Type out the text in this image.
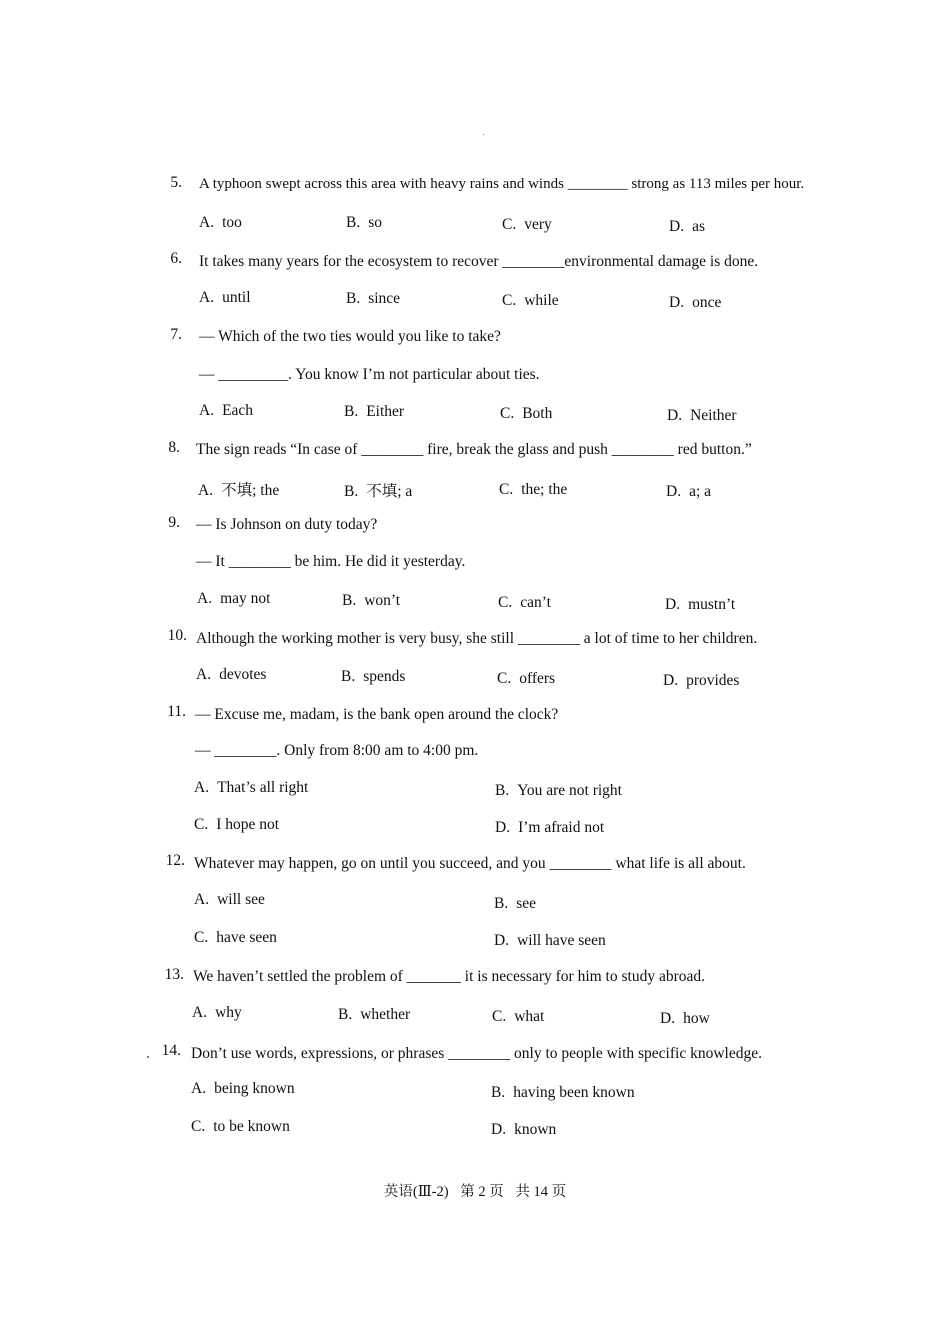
5. A typhoon swept across this area with heavy rains and winds ________ strong as 113 miles per hour.
A. too	B. so	C. very	D. as
6. It takes many years for the ecosystem to recover ________environmental damage is done.
A. until	B. since	C. while	D. once
7. — Which of the two ties would you like to take?
— _________. You know I’m not particular about ties.
A. Each	B. Either	C. Both	D. Neither
8. The sign reads “In case of ________ fire, break the glass and push ________ red button.”
A. 不填; the	B. 不填; a	C. the; the	D. a; a
9. — Is Johnson on duty today?
— It ________ be him. He did it yesterday.
A. may not	B. won’t	C. can’t	D. mustn’t
10. Although the working mother is very busy, she still ________ a lot of time to her children.
A. devotes	B. spends	C. offers	D. provides
11. — Excuse me, madam, is the bank open around the clock?
— ________. Only from 8:00 am to 4:00 pm.
A. That’s all right	B. You are not right
C. I hope not	D. I’m afraid not
12. Whatever may happen, go on until you succeed, and you ________ what life is all about.
A. will see	B. see
C. have seen	D. will have seen
13. We haven’t settled the problem of _______ it is necessary for him to study abroad.
A. why	B. whether	C. what	D. how
14. Don’t use words, expressions, or phrases ________ only to people with specific knowledge.
A. being known	B. having been known
C. to be known	D. known
英语(Ⅲ-2) 第 2 页 共 14 页
